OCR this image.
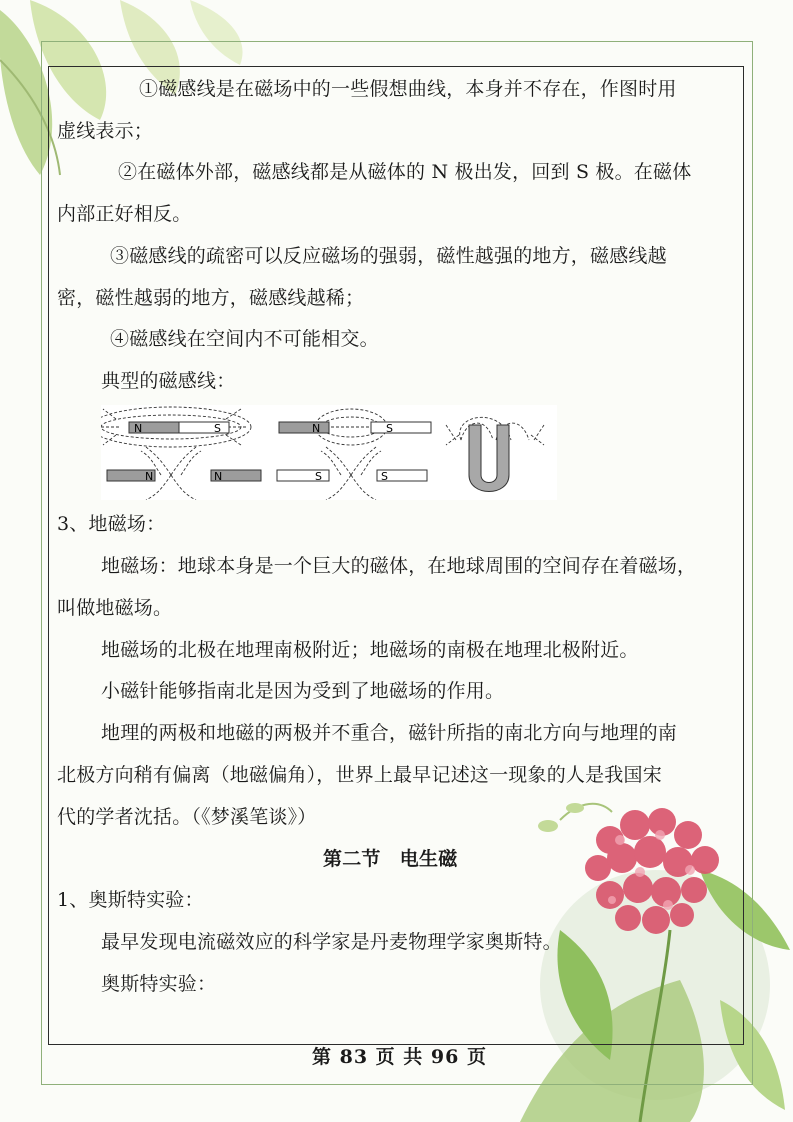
①磁感线是在磁场中的一些假想曲线，本身并不存在，作图时用
虚线表示；
②在磁体外部，磁感线都是从磁体的 N 极出发，回到 S 极。在磁体
内部正好相反。
③磁感线的疏密可以反应磁场的强弱，磁性越强的地方，磁感线越
密，磁性越弱的地方，磁感线越稀；
④磁感线在空间内不可能相交。
典型的磁感线：
N	S	N	S
N	N	S	S
3、地磁场：
地磁场：地球本身是一个巨大的磁体，在地球周围的空间存在着磁场，
叫做地磁场。
地磁场的北极在地理南极附近；地磁场的南极在地理北极附近。
小磁针能够指南北是因为受到了地磁场的作用。
地理的两极和地磁的两极并不重合，磁针所指的南北方向与地理的南
北极方向稍有偏离（地磁偏角），世界上最早记述这一现象的人是我国宋
代的学者沈括。（《梦溪笔谈》）
第二节　电生磁
1、奥斯特实验：
最早发现电流磁效应的科学家是丹麦物理学家奥斯特。
奥斯特实验：
第 83 页 共 96 页
